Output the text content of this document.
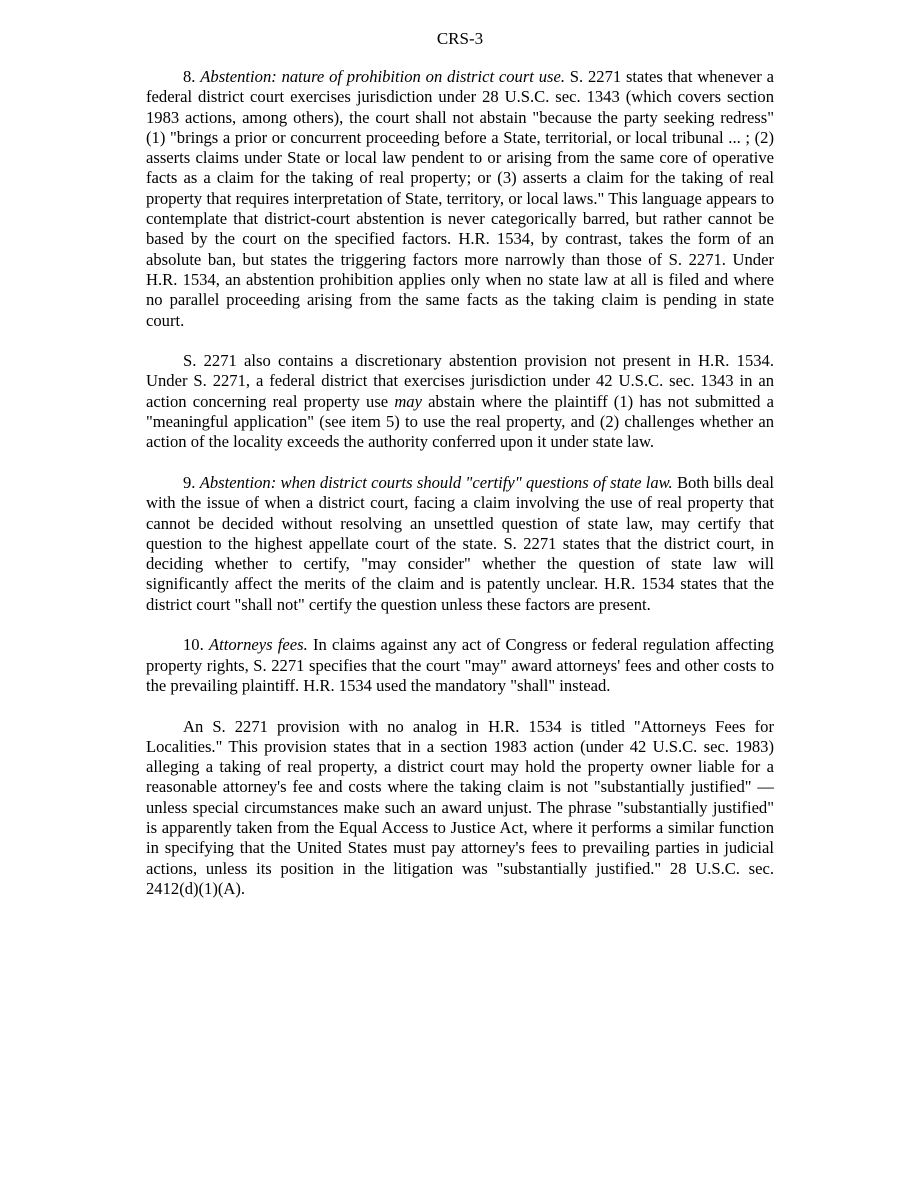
CRS-3

8. Abstention: nature of prohibition on district court use. S. 2271 states that whenever a federal district court exercises jurisdiction under 28 U.S.C. sec. 1343 (which covers section 1983 actions, among others), the court shall not abstain "because the party seeking redress" (1) "brings a prior or concurrent proceeding before a State, territorial, or local tribunal ... ; (2) asserts claims under State or local law pendent to or arising from the same core of operative facts as a claim for the taking of real property; or (3) asserts a claim for the taking of real property that requires interpretation of State, territory, or local laws." This language appears to contemplate that district-court abstention is never categorically barred, but rather cannot be based by the court on the specified factors. H.R. 1534, by contrast, takes the form of an absolute ban, but states the triggering factors more narrowly than those of S. 2271. Under H.R. 1534, an abstention prohibition applies only when no state law at all is filed and where no parallel proceeding arising from the same facts as the taking claim is pending in state court.

S. 2271 also contains a discretionary abstention provision not present in H.R. 1534. Under S. 2271, a federal district that exercises jurisdiction under 42 U.S.C. sec. 1343 in an action concerning real property use may abstain where the plaintiff (1) has not submitted a "meaningful application" (see item 5) to use the real property, and (2) challenges whether an action of the locality exceeds the authority conferred upon it under state law.

9. Abstention: when district courts should "certify" questions of state law. Both bills deal with the issue of when a district court, facing a claim involving the use of real property that cannot be decided without resolving an unsettled question of state law, may certify that question to the highest appellate court of the state. S. 2271 states that the district court, in deciding whether to certify, "may consider" whether the question of state law will significantly affect the merits of the claim and is patently unclear. H.R. 1534 states that the district court "shall not" certify the question unless these factors are present.

10. Attorneys fees. In claims against any act of Congress or federal regulation affecting property rights, S. 2271 specifies that the court "may" award attorneys' fees and other costs to the prevailing plaintiff. H.R. 1534 used the mandatory "shall" instead.

An S. 2271 provision with no analog in H.R. 1534 is titled "Attorneys Fees for Localities." This provision states that in a section 1983 action (under 42 U.S.C. sec. 1983) alleging a taking of real property, a district court may hold the property owner liable for a reasonable attorney's fee and costs where the taking claim is not "substantially justified" — unless special circumstances make such an award unjust. The phrase "substantially justified" is apparently taken from the Equal Access to Justice Act, where it performs a similar function in specifying that the United States must pay attorney's fees to prevailing parties in judicial actions, unless its position in the litigation was "substantially justified." 28 U.S.C. sec. 2412(d)(1)(A).
